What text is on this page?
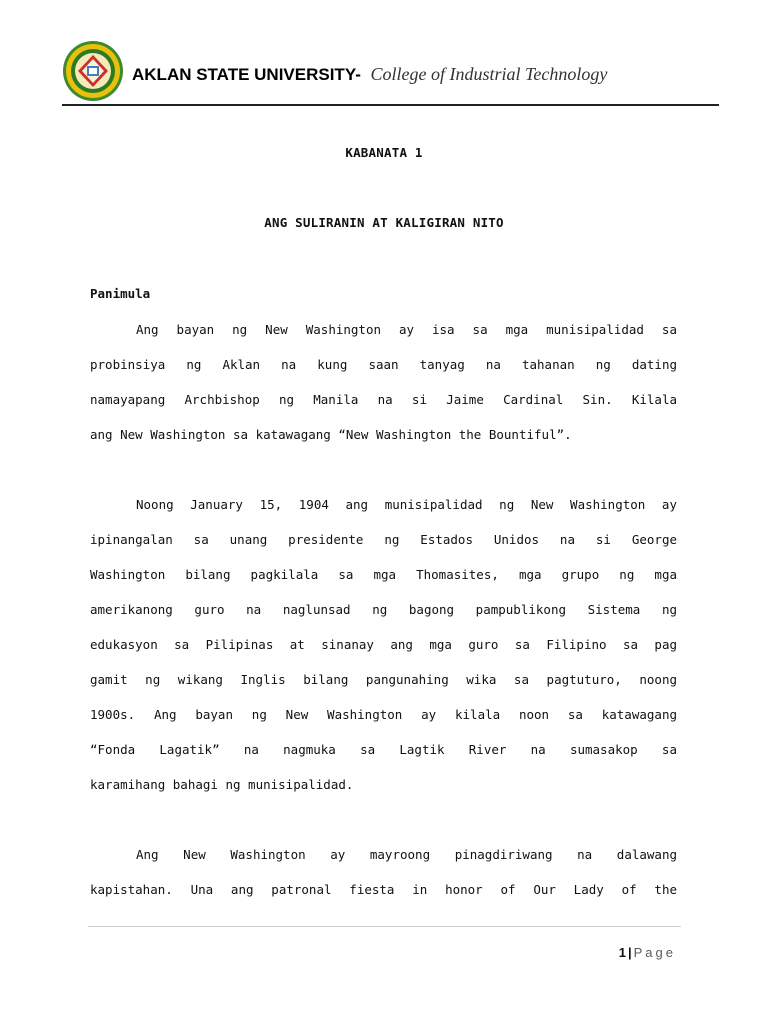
AKLAN STATE UNIVERSITY- College of Industrial Technology
KABANATA 1
ANG SULIRANIN AT KALIGIRAN NITO
Panimula
Ang bayan ng New Washington ay isa sa mga munisipalidad sa
probinsiya ng Aklan na kung saan tanyag na tahanan ng dating
namayapang Archbishop ng Manila na si Jaime Cardinal Sin. Kilala
ang New Washington sa katawagang “New Washington the Bountiful”.
Noong January 15, 1904 ang munisipalidad ng New Washington ay
ipinangalan sa unang presidente ng Estados Unidos na si George
Washington bilang pagkilala sa mga Thomasites, mga grupo ng mga
amerikanong guro na naglunsad ng bagong pampublikong Sistema ng
edukasyon sa Pilipinas at sinanay ang mga guro sa Filipino sa pag
gamit ng wikang Inglis bilang pangunahing wika sa pagtuturo, noong
1900s. Ang bayan ng New Washington ay kilala noon sa katawagang
“Fonda Lagatik” na nagmuka sa Lagtik River na sumasakop sa
karamihang bahagi ng munisipalidad.
Ang New Washington ay mayroong pinagdiriwang na dalawang
kapistahan. Una ang patronal fiesta in honor of Our Lady of the
1 | Page
